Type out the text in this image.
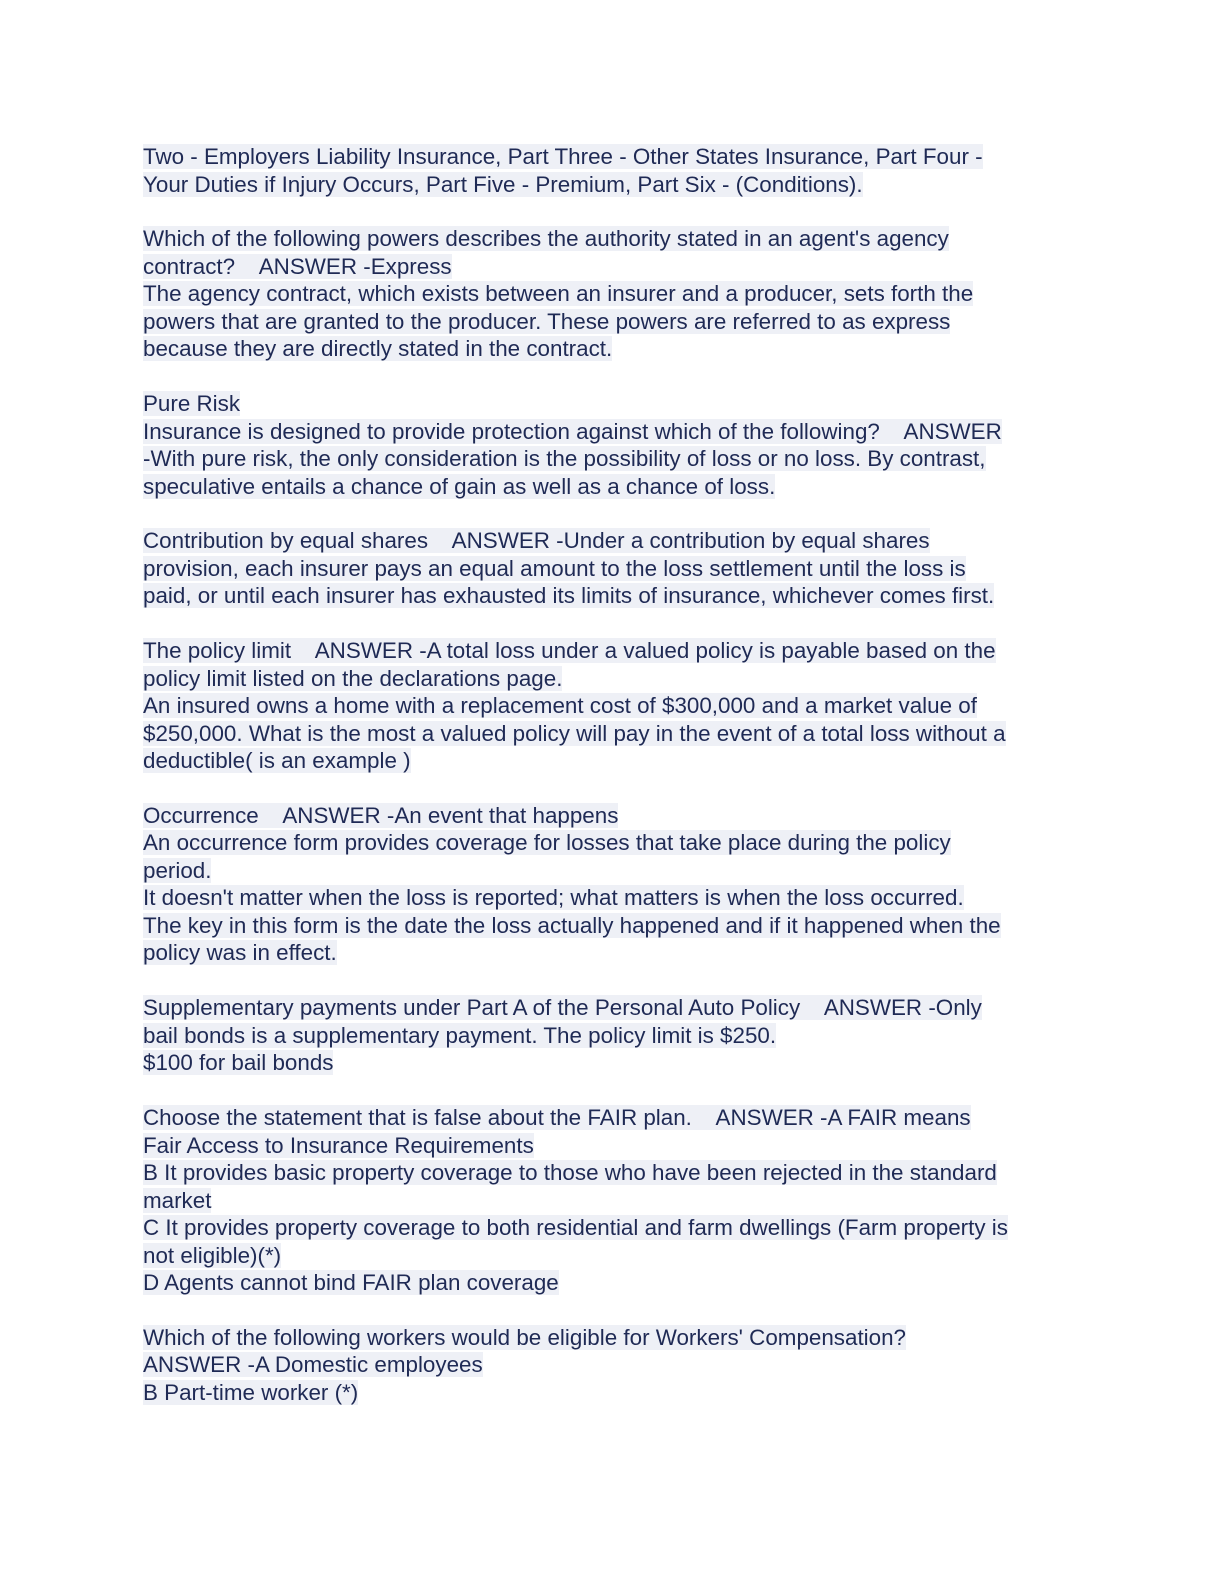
Two - Employers Liability Insurance, Part Three - Other States Insurance, Part Four -
Your Duties if Injury Occurs, Part Five - Premium, Part Six - (Conditions).
Which of the following powers describes the authority stated in an agent's agency
contract?    ANSWER -Express
The agency contract, which exists between an insurer and a producer, sets forth the
powers that are granted to the producer. These powers are referred to as express
because they are directly stated in the contract.
Pure Risk
Insurance is designed to provide protection against which of the following?    ANSWER
-With pure risk, the only consideration is the possibility of loss or no loss. By contrast,
speculative entails a chance of gain as well as a chance of loss.
Contribution by equal shares    ANSWER -Under a contribution by equal shares
provision, each insurer pays an equal amount to the loss settlement until the loss is
paid, or until each insurer has exhausted its limits of insurance, whichever comes first.
The policy limit    ANSWER -A total loss under a valued policy is payable based on the
policy limit listed on the declarations page.
An insured owns a home with a replacement cost of $300,000 and a market value of
$250,000. What is the most a valued policy will pay in the event of a total loss without a
deductible( is an example )
Occurrence    ANSWER -An event that happens
An occurrence form provides coverage for losses that take place during the policy
period.
It doesn't matter when the loss is reported; what matters is when the loss occurred.
The key in this form is the date the loss actually happened and if it happened when the
policy was in effect.
Supplementary payments under Part A of the Personal Auto Policy    ANSWER -Only
bail bonds is a supplementary payment. The policy limit is $250.
$100 for bail bonds
Choose the statement that is false about the FAIR plan.    ANSWER -A FAIR means
Fair Access to Insurance Requirements
B It provides basic property coverage to those who have been rejected in the standard
market
C It provides property coverage to both residential and farm dwellings (Farm property is
not eligible)(*)
D Agents cannot bind FAIR plan coverage
Which of the following workers would be eligible for Workers' Compensation?
ANSWER -A Domestic employees
B Part-time worker (*)
